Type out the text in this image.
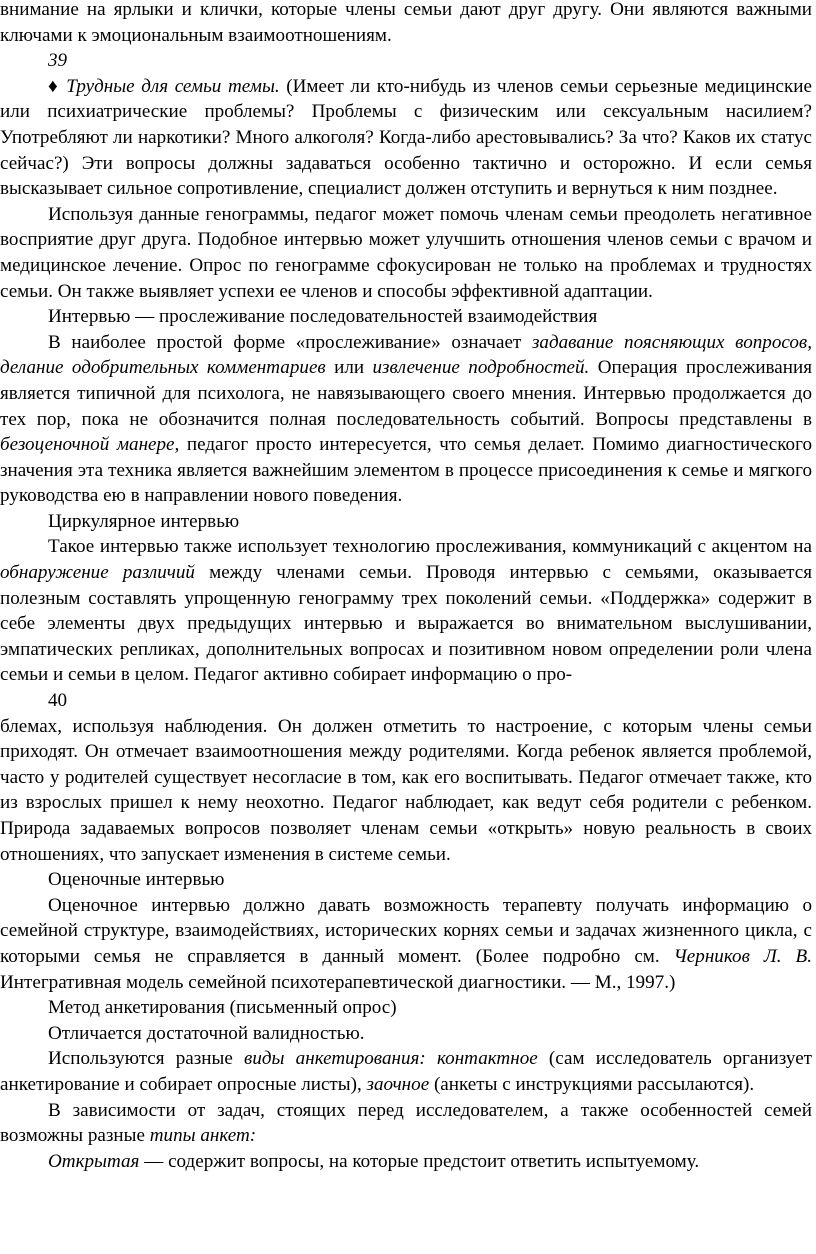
внимание на ярлыки и клички, которые члены семьи дают друг другу. Они являются важными ключами к эмоциональным взаимоотношениям.

39

♦ Трудные для семьи темы. (Имеет ли кто-нибудь из членов семьи серьезные медицинские или психиатрические проблемы? Проблемы с физическим или сексуальным насилием? Употребляют ли наркотики? Много алкоголя? Когда-либо арестовывались? За что? Каков их статус сейчас?) Эти вопросы должны задаваться особенно тактично и осторожно. И если семья высказывает сильное сопротивление, специалист должен отступить и вернуться к ним позднее.

Используя данные генограммы, педагог может помочь членам семьи преодолеть негативное восприятие друг друга. Подобное интервью может улучшить отношения членов семьи с врачом и медицинское лечение. Опрос по генограмме сфокусирован не только на проблемах и трудностях семьи. Он также выявляет успехи ее членов и способы эффективной адаптации.

Интервью — прослеживание последовательностей взаимодействия

В наиболее простой форме «прослеживание» означает задавание поясняющих вопросов, делание одобрительных комментариев или извлечение подробностей. Операция прослеживания является типичной для психолога, не навязывающего своего мнения. Интервью продолжается до тех пор, пока не обозначится полная последовательность событий. Вопросы представлены в безоценочной манере, педагог просто интересуется, что семья делает. Помимо диагностического значения эта техника является важнейшим элементом в процессе присоединения к семье и мягкого руководства ею в направлении нового поведения.

Циркулярное интервью

Такое интервью также использует технологию прослеживания, коммуникаций с акцентом на обнаружение различий между членами семьи. Проводя интервью с семьями, оказывается полезным составлять упрощенную генограмму трех поколений семьи. «Поддержка» содержит в себе элементы двух предыдущих интервью и выражается во внимательном выслушивании, эмпатических репликах, дополнительных вопросах и позитивном новом определении роли члена семьи и семьи в целом. Педагог активно собирает информацию о про-

40

блемах, используя наблюдения. Он должен отметить то настроение, с которым члены семьи приходят. Он отмечает взаимоотношения между родителями. Когда ребенок является проблемой, часто у родителей существует несогласие в том, как его воспитывать. Педагог отмечает также, кто из взрослых пришел к нему неохотно. Педагог наблюдает, как ведут себя родители с ребенком. Природа задаваемых вопросов позволяет членам семьи «открыть» новую реальность в своих отношениях, что запускает изменения в системе семьи.

Оценочные интервью

Оценочное интервью должно давать возможность терапевту получать информацию о семейной структуре, взаимодействиях, исторических корнях семьи и задачах жизненного цикла, с которыми семья не справляется в данный момент. (Более подробно см. Черников Л. В. Интегративная модель семейной психотерапевтической диагностики. — М., 1997.)

Метод анкетирования (письменный опрос)

Отличается достаточной валидностью.

Используются разные виды анкетирования: контактное (сам исследователь организует анкетирование и собирает опросные листы), заочное (анкеты с инструкциями рассылаются).

В зависимости от задач, стоящих перед исследователем, а также особенностей семей возможны разные типы анкет:

Открытая — содержит вопросы, на которые предстоит ответить испытуемому.
